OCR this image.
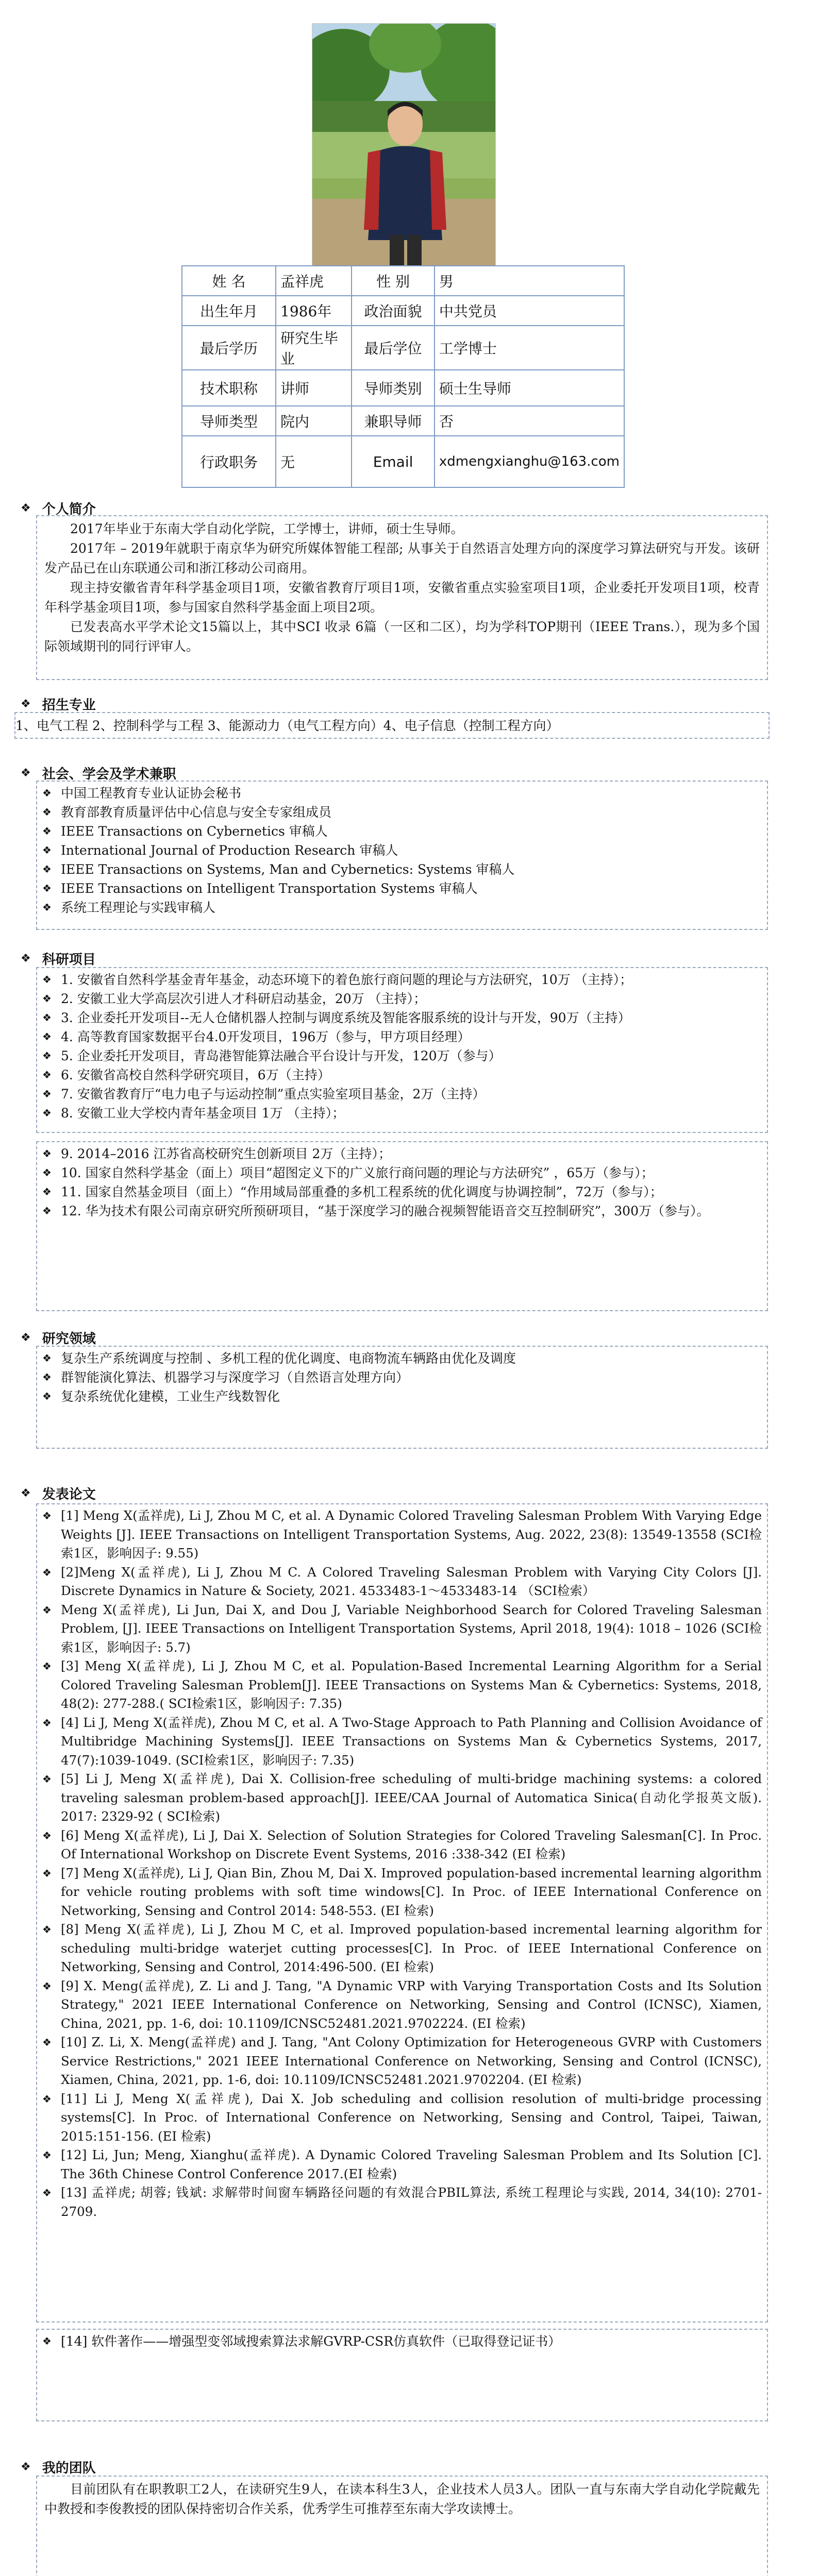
姓 名	孟祥虎	性 别	男
出生年月	1986年	政治面貌	中共党员
最后学历	研究生毕业	最后学位	工学博士
技术职称	讲师	导师类别	硕士生导师
导师类型	院内	兼职导师	否
行政职务	无	Email	xdmengxianghu@163.com
❖ 个人简介

2017年毕业于东南大学自动化学院，工学博士，讲师，硕士生导师。

2017年 – 2019年就职于南京华为研究所媒体智能工程部; 从事关于自然语言处理方向的深度学习算法研究与开发。该研发产品已在山东联通公司和浙江移动公司商用。

现主持安徽省青年科学基金项目1项，安徽省教育厅项目1项，安徽省重点实验室项目1项，企业委托开发项目1项，校青年科学基金项目1项，参与国家自然科学基金面上项目2项。

已发表高水平学术论文15篇以上，其中SCI 收录 6篇（一区和二区），均为学科TOP期刊（IEEE Trans.），现为多个国际领域期刊的同行评审人。

❖ 招生专业

1、电气工程 2、控制科学与工程 3、能源动力（电气工程方向）4、电子信息（控制工程方向）

❖ 社会、学会及学术兼职
❖ 中国工程教育专业认证协会秘书
❖ 教育部教育质量评估中心信息与安全专家组成员
❖ IEEE Transactions on Cybernetics 审稿人
❖ International Journal of Production Research 审稿人
❖ IEEE Transactions on Systems, Man and Cybernetics: Systems 审稿人
❖ IEEE Transactions on Intelligent Transportation Systems 审稿人
❖ 系统工程理论与实践审稿人
❖ 科研项目
❖ 1. 安徽省自然科学基金青年基金，动态环境下的着色旅行商问题的理论与方法研究，10万 （主持）；
❖ 2. 安徽工业大学高层次引进人才科研启动基金，20万 （主持）；
❖ 3. 企业委托开发项目--无人仓储机器人控制与调度系统及智能客服系统的设计与开发，90万（主持）
❖ 4. 高等教育国家数据平台4.0开发项目，196万（参与，甲方项目经理）
❖ 5. 企业委托开发项目，青岛港智能算法融合平台设计与开发，120万（参与）
❖ 6. 安徽省高校自然科学研究项目，6万（主持）
❖ 7. 安徽省教育厅“电力电子与运动控制”重点实验室项目基金，2万（主持）
❖ 8. 安徽工业大学校内青年基金项目 1万 （主持）；
❖ 9. 2014–2016 江苏省高校研究生创新项目 2万（主持）；
❖ 10. 国家自然科学基金（面上）项目“超图定义下的广义旅行商问题的理论与方法研究” ，65万（参与）；
❖ 11. 国家自然基金项目（面上）“作用域局部重叠的多机工程系统的优化调度与协调控制”，72万（参与）；
❖ 12. 华为技术有限公司南京研究所预研项目，“基于深度学习的融合视频智能语音交互控制研究”，300万（参与）。
❖ 研究领域
❖ 复杂生产系统调度与控制 、多机工程的优化调度、电商物流车辆路由优化及调度
❖ 群智能演化算法、机器学习与深度学习（自然语言处理方向）
❖ 复杂系统优化建模，工业生产线数智化
❖ 发表论文
❖ [1] Meng X(孟祥虎), Li J, Zhou M C, et al. A Dynamic Colored Traveling Salesman Problem With Varying Edge Weights [J]. IEEE Transactions on Intelligent Transportation Systems, Aug. 2022, 23(8): 13549-13558 (SCI检索1区，影响因子: 9.55)
❖ [2]Meng X(孟祥虎), Li J, Zhou M C. A Colored Traveling Salesman Problem with Varying City Colors [J]. Discrete Dynamics in Nature & Society, 2021. 4533483-1～4533483-14 （SCI检索）
❖ Meng X(孟祥虎), Li Jun, Dai X, and Dou J, Variable Neighborhood Search for Colored Traveling Salesman Problem, [J]. IEEE Transactions on Intelligent Transportation Systems, April 2018, 19(4): 1018 – 1026 (SCI检索1区，影响因子: 5.7)
❖ [3] Meng X(孟祥虎), Li J, Zhou M C, et al. Population-Based Incremental Learning Algorithm for a Serial Colored Traveling Salesman Problem[J]. IEEE Transactions on Systems Man & Cybernetics: Systems, 2018, 48(2): 277-288.( SCI检索1区，影响因子: 7.35)
❖ [4] Li J, Meng X(孟祥虎), Zhou M C, et al. A Two-Stage Approach to Path Planning and Collision Avoidance of Multibridge Machining Systems[J]. IEEE Transactions on Systems Man & Cybernetics Systems, 2017, 47(7):1039-1049. (SCI检索1区，影响因子: 7.35)
❖ [5] Li J, Meng X(孟祥虎), Dai X. Collision-free scheduling of multi-bridge machining systems: a colored traveling salesman problem-based approach[J]. IEEE/CAA Journal of Automatica Sinica(自动化学报英文版). 2017: 2329-92 ( SCI检索)
❖ [6] Meng X(孟祥虎), Li J, Dai X. Selection of Solution Strategies for Colored Traveling Salesman[C]. In Proc. Of International Workshop on Discrete Event Systems, 2016 :338-342 (EI 检索)
❖ [7] Meng X(孟祥虎), Li J, Qian Bin, Zhou M, Dai X. Improved population-based incremental learning algorithm for vehicle routing problems with soft time windows[C]. In Proc. of IEEE International Conference on Networking, Sensing and Control 2014: 548-553. (EI 检索)
❖ [8] Meng X(孟祥虎), Li J, Zhou M C, et al. Improved population-based incremental learning algorithm for scheduling multi-bridge waterjet cutting processes[C]. In Proc. of IEEE International Conference on Networking, Sensing and Control, 2014:496-500. (EI 检索)
❖ [9] X. Meng(孟祥虎), Z. Li and J. Tang, "A Dynamic VRP with Varying Transportation Costs and Its Solution Strategy," 2021 IEEE International Conference on Networking, Sensing and Control (ICNSC), Xiamen, China, 2021, pp. 1-6, doi: 10.1109/ICNSC52481.2021.9702224. (EI 检索)
❖ [10] Z. Li, X. Meng(孟祥虎) and J. Tang, "Ant Colony Optimization for Heterogeneous GVRP with Customers Service Restrictions," 2021 IEEE International Conference on Networking, Sensing and Control (ICNSC), Xiamen, China, 2021, pp. 1-6, doi: 10.1109/ICNSC52481.2021.9702204. (EI 检索)
❖ [11] Li J, Meng X(孟祥虎), Dai X. Job scheduling and collision resolution of multi-bridge processing systems[C]. In Proc. of International Conference on Networking, Sensing and Control, Taipei, Taiwan, 2015:151-156. (EI 检索)
❖ [12] Li, Jun; Meng, Xianghu(孟祥虎). A Dynamic Colored Traveling Salesman Problem and Its Solution [C]. The 36th Chinese Control Conference 2017.(EI 检索)
❖ [13] 孟祥虎; 胡蓉; 钱斌: 求解带时间窗车辆路径问题的有效混合PBIL算法, 系统工程理论与实践, 2014, 34(10): 2701-2709.
❖ [14] 软件著作——增强型变邻域搜索算法求解GVRP-CSR仿真软件（已取得登记证书）
❖ 我的团队

目前团队有在职教职工2人，在读研究生9人，在读本科生3人，企业技术人员3人。团队一直与东南大学自动化学院戴先中教授和李俊教授的团队保持密切合作关系，优秀学生可推荐至东南大学攻读博士。
